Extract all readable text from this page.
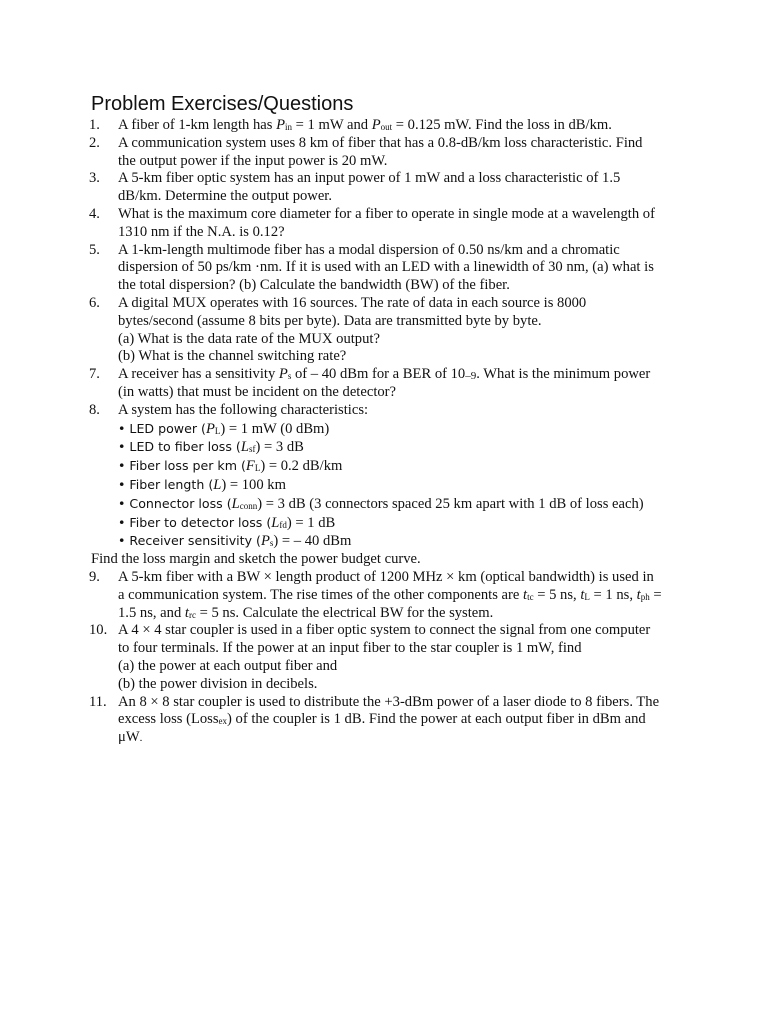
Problem Exercises/Questions
1. A fiber of 1-km length has $P_{in} = 1$ mW and $P_{out} = 0.125$ mW. Find the loss in dB/km.
2. A communication system uses 8 km of fiber that has a 0.8-dB/km loss characteristic. Find
the output power if the input power is 20 mW.
3. A 5-km fiber optic system has an input power of 1 mW and a loss characteristic of 1.5
dB/km. Determine the output power.
4. What is the maximum core diameter for a fiber to operate in single mode at a wavelength of
1310 nm if the N.A. is 0.12?
5. A 1-km-length multimode fiber has a modal dispersion of 0.50 ns/km and a chromatic
dispersion of 50 ps/km ·nm. If it is used with an LED with a linewidth of 30 nm, (a) what is
the total dispersion? (b) Calculate the bandwidth (BW) of the fiber.
6. A digital MUX operates with 16 sources. The rate of data in each source is 8000
bytes/second (assume 8 bits per byte). Data are transmitted byte by byte.
(a) What is the data rate of the MUX output?
(b) What is the channel switching rate?
7. A receiver has a sensitivity $P_s$ of – 40 dBm for a BER of $10_{-9}$. What is the minimum power
(in watts) that must be incident on the detector?
8. A system has the following characteristics:
• LED power $(P_L) = 1$ mW (0 dBm)
• LED to fiber loss $(L_{sf}) = 3$ dB
• Fiber loss per km $(F_L) = 0.2$ dB/km
• Fiber length (L) = 100 km
• Connector loss $(L_{conn}) = 3$ dB (3 connectors spaced 25 km apart with 1 dB of loss each)
• Fiber to detector loss $(L_{fd}) = 1$ dB
• Receiver sensitivity $(P_s)$ = – 40 dBm
Find the loss margin and sketch the power budget curve.
9. A 5-km fiber with a BW × length product of 1200 MHz × km (optical bandwidth) is used in
a communication system. The rise times of the other components are $t_{tc} = 5$ ns, $t_L = 1$ ns, $t_{ph}$ =
1.5 ns, and $t_{rc} = 5$ ns. Calculate the electrical BW for the system.
10. A 4 × 4 star coupler is used in a fiber optic system to connect the signal from one computer
to four terminals. If the power at an input fiber to the star coupler is 1 mW, find
(a) the power at each output fiber and
(b) the power division in decibels.
11. An 8 × 8 star coupler is used to distribute the +3-dBm power of a laser diode to 8 fibers. The
excess loss (Loss$_{ex}$) of the coupler is 1 dB. Find the power at each output fiber in dBm and
μW.
